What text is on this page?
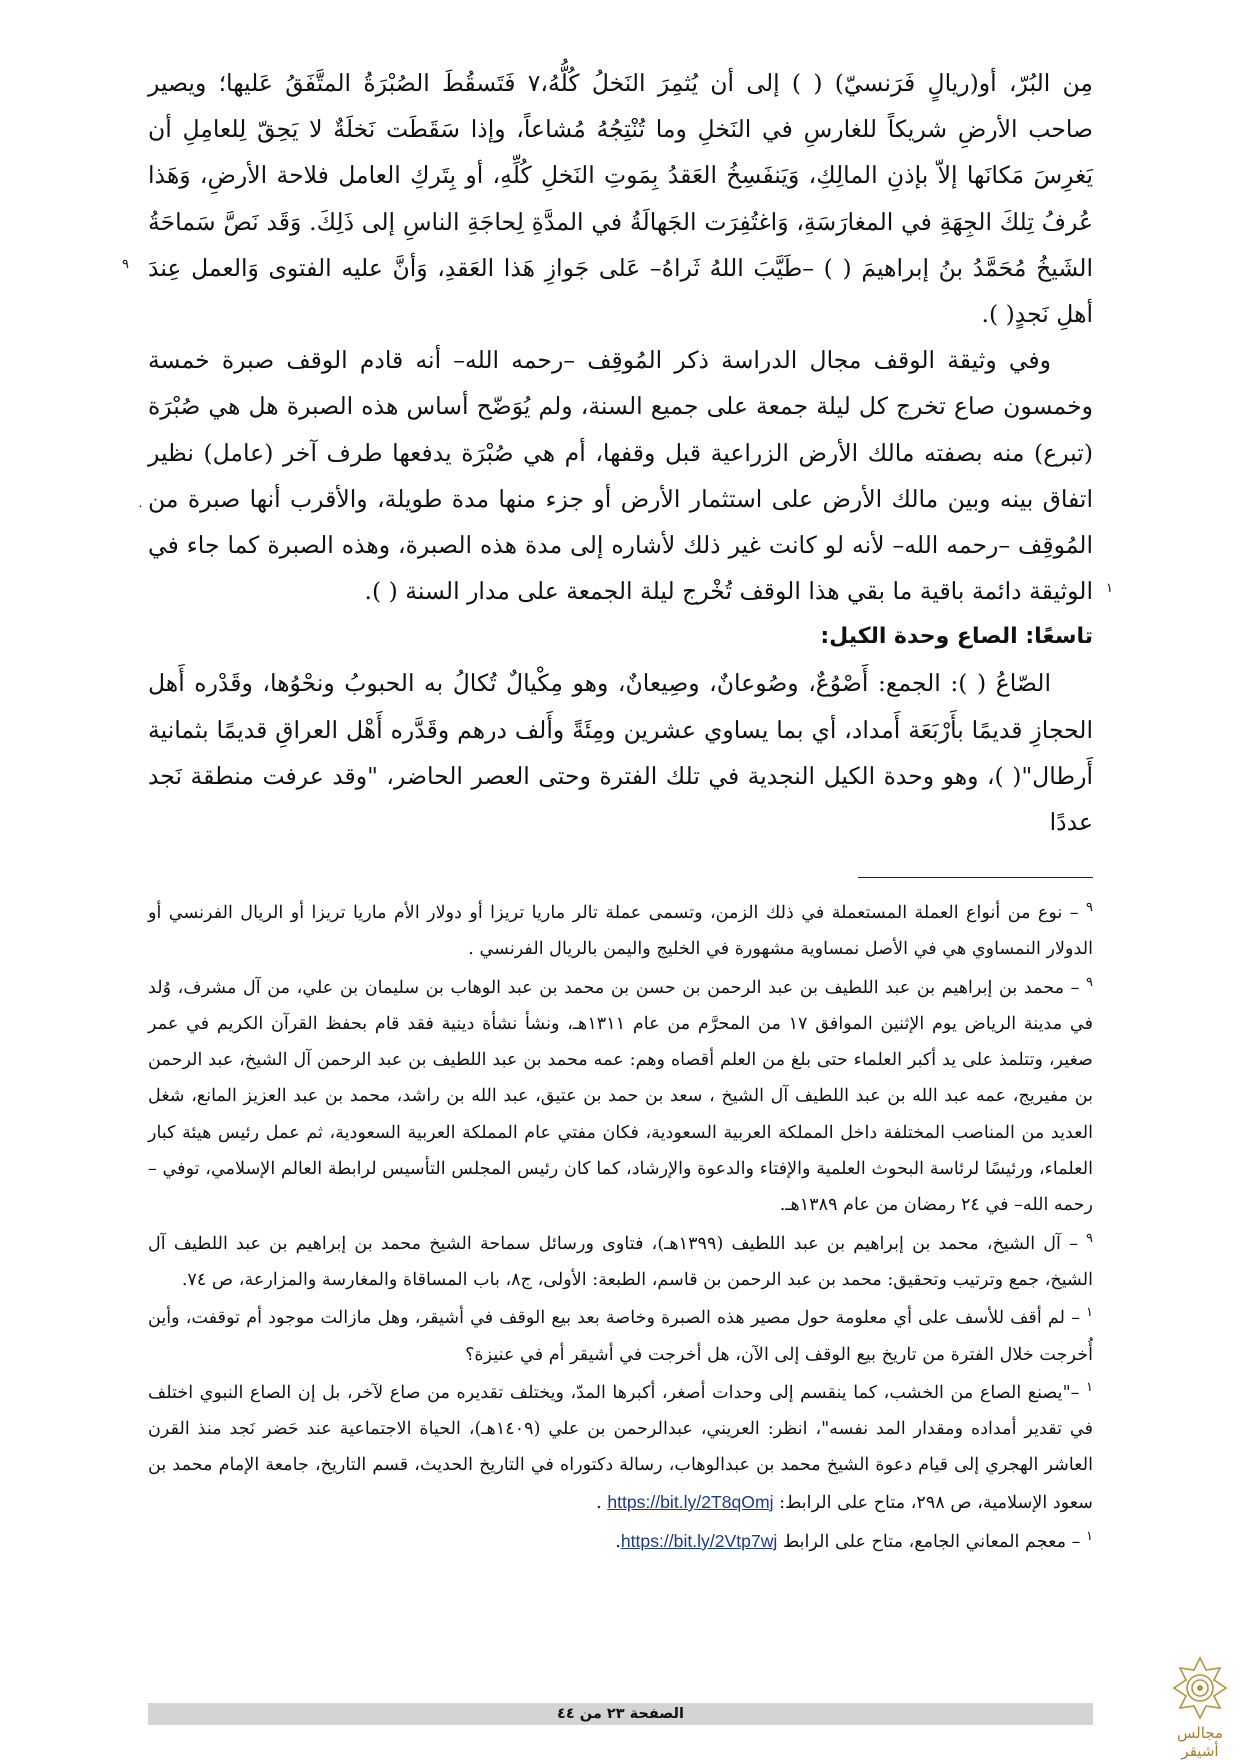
مِن البُرّ، أو(ريالٍ فَرَنسيّ) ( ) إلى أن يُثمِرَ النَخلُ كُلُّهُ،٧ فَتَسقُطَ الصُبْرَةُ المتَّفَقُ عَليها؛ ويصير صاحب الأرضِ شريكاً للغارسِ في النَخلِ وما تُنْتِجُهُ مُشاعاً، وإذا سَقَطَت نَخلَةٌ لا يَحِقّ لِلعامِلِ أن يَغرِسَ مَكانَها إلاّ بإذنِ المالِكِ، وَيَنفَسِخُ العَقدُ بِمَوتِ النَخلِ كُلِّهِ، أو بِتَركِ العامل فلاحة الأرضِ، وَهَذا عُرفُ تِلكَ الجِهَةِ في المغارَسَةِ، وَاغتُفِرَت الجَهالَةُ في المدَّةِ لِحاجَةِ الناسِ إلى ذَلِكَ. وَقَد نَصَّ سَماحَةُ الشَيخُ مُحَمَّدُ بنُ إبراهيمَ ( ) –طَيَّبَ اللهُ ثَراهُ– عَلى جَوازِ هَذا العَقدِ، وَأنَّ عليه الفتوى وَالعمل عِندَ أهلِ نَجدٍ( ).

وفي وثيقة الوقف مجال الدراسة ذكر المُوقِف –رحمه الله– أنه قادم الوقف صبرة خمسة وخمسون صاع تخرج كل ليلة جمعة على جميع السنة، ولم يُوَضّح أساس هذه الصبرة هل هي صُبْرَة (تبرع) منه بصفته مالك الأرض الزراعية قبل وقفها، أم هي صُبْرَة يدفعها طرف آخر (عامل) نظير اتفاق بينه وبين مالك الأرض على استثمار الأرض أو جزء منها مدة طويلة، والأقرب أنها صبرة من المُوقِف –رحمه الله– لأنه لو كانت غير ذلك لأشاره إلى مدة هذه الصبرة، وهذه الصبرة كما جاء في الوثيقة دائمة باقية ما بقي هذا الوقف تُخْرج ليلة الجمعة على مدار السنة ( ).

تاسعًا: الصاع وحدة الكيل:

الصّاعُ ( ): الجمع: أَصْوُعٌ، وصُوعانٌ، وصِيعانٌ، وهو مِكْيالٌ تُكالُ به الحبوبُ ونحْوُها، وقَدْره أَهل الحجازِ قديمًا بأَرْبَعَة أَمداد، أي بما يساوي عشرين ومِئَةً وأَلف درهم وقَدَّره أَهْل العراقِ قديمًا بثمانية أَرطال"( )، وهو وحدة الكيل النجدية في تلك الفترة وحتى العصر الحاضر، "وقد عرفت منطقة نَجد عددًا

٩
٠
١

$^٩$ – نوع من أنواع العملة المستعملة في ذلك الزمن، وتسمى عملة تالر ماريا تريزا أو دولار الأم ماريا تريزا أو الريال الفرنسي أو الدولار النمساوي هي في الأصل نمساوية مشهورة في الخليج واليمن بالريال الفرنسي .

$^٩$ – محمد بن إبراهيم بن عبد اللطيف بن عبد الرحمن بن حسن بن محمد بن عبد الوهاب بن سليمان بن علي، من آل مشرف، وُلد في مدينة الرياض يوم الإثنين الموافق ١٧ من المحرَّم من عام ١٣١١هـ، ونشأ نشأة دينية فقد قام بحفظ القرآن الكريم في عمر صغير، وتتلمذ على يد أكبر العلماء حتى بلغ من العلم أقصاه وهم: عمه محمد بن عبد اللطيف بن عبد الرحمن آل الشيخ، عبد الرحمن بن مفيريج، عمه عبد الله بن عبد اللطيف آل الشيخ ، سعد بن حمد بن عتيق، عبد الله بن راشد، محمد بن عبد العزيز المانع، شغل العديد من المناصب المختلفة داخل المملكة العربية السعودية، فكان مفتي عام المملكة العربية السعودية، ثم عمل رئيس هيئة كبار العلماء، ورئيسًا لرئاسة البحوث العلمية والإفتاء والدعوة والإرشاد، كما كان رئيس المجلس التأسيس لرابطة العالم الإسلامي، توفي –رحمه الله– في ٢٤ رمضان من عام ١٣٨٩هـ.

$^٩$ – آل الشيخ، محمد بن إبراهيم بن عبد اللطيف (١٣٩٩هـ)، فتاوى ورسائل سماحة الشيخ محمد بن إبراهيم بن عبد اللطيف آل الشيخ، جمع وترتيب وتحقيق: محمد بن عبد الرحمن بن قاسم، الطبعة: الأولى، ج٨، باب المساقاة والمغارسة والمزارعة، ص ٧٤.

$^١$ – لم أقف للأسف على أي معلومة حول مصير هذه الصبرة وخاصة بعد بيع الوقف في أشيقر، وهل مازالت موجود أم توقفت، وأين أُخرجت خلال الفترة من تاريخ بيع الوقف إلى الآن، هل أخرجت في أشيقر أم في عنيزة؟

$^١$ –"يصنع الصاع من الخشب، كما ينقسم إلى وحدات أصغر، أكبرها المدّ، ويختلف تقديره من صاع لآخر، بل إن الصاع النبوي اختلف في تقدير أمداده ومقدار المد نفسه"، انظر: العريني، عبدالرحمن بن علي (١٤٠٩هـ)، الحياة الاجتماعية عند حَضر نَجد منذ القرن العاشر الهجري إلى قيام دعوة الشيخ محمد بن عبدالوهاب، رسالة دكتوراه في التاريخ الحديث، قسم التاريخ، جامعة الإمام محمد بن سعود الإسلامية، ص ٢٩٨، متاح على الرابط: https://bit.ly/2T8qOmj .

$^١$ – معجم المعاني الجامع، متاح على الرابط https://bit.ly/2Vtp7wj.

الصفحة ٢٣ من ٤٤
مجالس أشيقر
